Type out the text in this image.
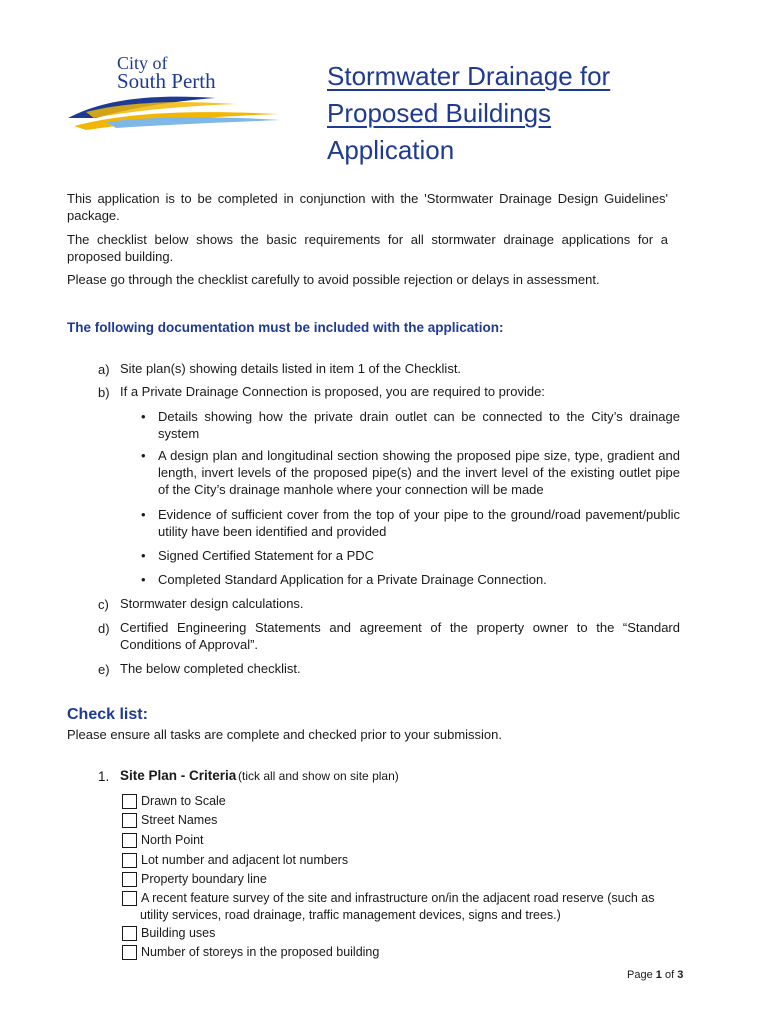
City of
South Perth	Stormwater Drainage for
Proposed Buildings
Application
This application is to be completed in conjunction with the 'Stormwater Drainage Design Guidelines' package.
The checklist below shows the basic requirements for all stormwater drainage applications for a proposed building.
Please go through the checklist carefully to avoid possible rejection or delays in assessment.
The following documentation must be included with the application:
a) Site plan(s) showing details listed in item 1 of the Checklist.
b) If a Private Drainage Connection is proposed, you are required to provide:
• Details showing how the private drain outlet can be connected to the City’s drainage system
• A design plan and longitudinal section showing the proposed pipe size, type, gradient and length, invert levels of the proposed pipe(s) and the invert level of the existing outlet pipe of the City’s drainage manhole where your connection will be made
• Evidence of sufficient cover from the top of your pipe to the ground/road pavement/public utility have been identified and provided
• Signed Certified Statement for a PDC
• Completed Standard Application for a Private Drainage Connection.
c) Stormwater design calculations.
d) Certified Engineering Statements and agreement of the property owner to the “Standard Conditions of Approval”.
e) The below completed checklist.
Check list:
Please ensure all tasks are complete and checked prior to your submission.
1. Site Plan - Criteria (tick all and show on site plan)
Drawn to Scale
Street Names
North Point
Lot number and adjacent lot numbers
Property boundary line
A recent feature survey of the site and infrastructure on/in the adjacent road reserve (such as
utility services, road drainage, traffic management devices, signs and trees.)
Building uses
Number of storeys in the proposed building
Page 1 of 3
